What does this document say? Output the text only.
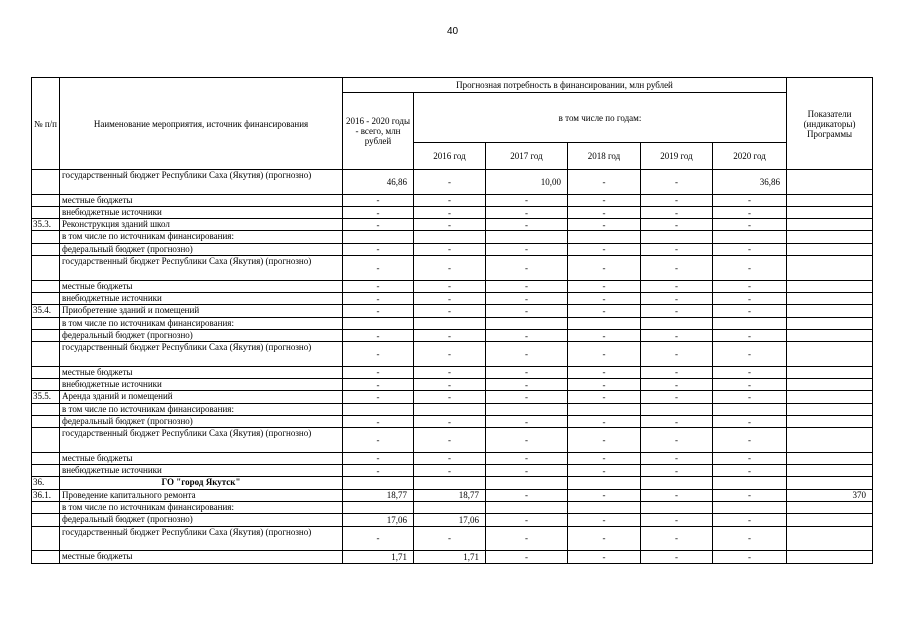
40
№ п/п	Наименование мероприятия, источник финансирования	Прогнозная потребность в финансировании, млн рублей						Показатели (индикаторы) Программы
		2016 - 2020 годы - всего, млн рублей	в том числе по годам:					
			2016 год	2017 год	2018 год	2019 год	2020 год	
	государственный бюджет Республики Саха (Якутия) (прогнозно)	46,86	-	10,00	-	-	36,86	
	местные бюджеты	-	-	-	-	-	-	
	внебюджетные источники	-	-	-	-	-	-	
35.3.	Реконструкция зданий школ	-	-	-	-	-	-	
	в том числе по источникам финансирования:							
	федеральный бюджет (прогнозно)	-	-	-	-	-	-	
	государственный бюджет Республики Саха (Якутия) (прогнозно)	-	-	-	-	-	-	
	местные бюджеты	-	-	-	-	-	-	
	внебюджетные источники	-	-	-	-	-	-	
35.4.	Приобретение зданий и помещений	-	-	-	-	-	-	
	в том числе по источникам финансирования:							
	федеральный бюджет (прогнозно)	-	-	-	-	-	-	
	государственный бюджет Республики Саха (Якутия) (прогнозно)	-	-	-	-	-	-	
	местные бюджеты	-	-	-	-	-	-	
	внебюджетные источники	-	-	-	-	-	-	
35.5.	Аренда зданий и помещений	-	-	-	-	-	-	
	в том числе по источникам финансирования:							
	федеральный бюджет (прогнозно)	-	-	-	-	-	-	
	государственный бюджет Республики Саха (Якутия) (прогнозно)	-	-	-	-	-	-	
	местные бюджеты	-	-	-	-	-	-	
	внебюджетные источники	-	-	-	-	-	-	
36.	ГО "город Якутск"							
36.1.	Проведение капитального ремонта	18,77	18,77	-	-	-	-	370
	в том числе по источникам финансирования:							
	федеральный бюджет (прогнозно)	17,06	17,06	-	-	-	-	
	государственный бюджет Республики Саха (Якутия) (прогнозно)	-	-	-	-	-	-	
	местные бюджеты	1,71	1,71	-	-	-	-	
